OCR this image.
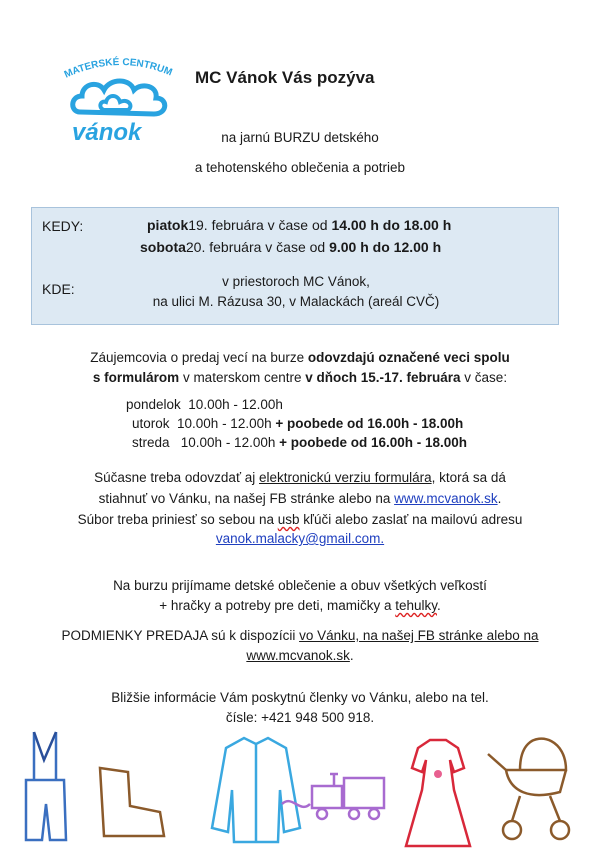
MATERSKÉ CENTRUM
vánok
MC Vánok Vás pozýva
na jarnú BURZU detského
a tehotenského oblečenia a potrieb
KEDY:	piatok19. februára v čase od 14.00 h do 18.00 h
sobota20. februára v čase od 9.00 h do 12.00 h
KDE:	v priestoroch MC Vánok,
na ulici M. Rázusa 30, v Malackách (areál CVČ)
Záujemcovia o predaj vecí na burze odovzdajú označené veci spolu
s formulárom v materskom centre v dňoch 15.-17. februára v čase:
pondelok  10.00h - 12.00h
utorok  10.00h - 12.00h + poobede od 16.00h - 18.00h
streda   10.00h - 12.00h + poobede od 16.00h - 18.00h
Súčasne treba odovzdať aj elektronickú verziu formulára, ktorá sa dá
stiahnuť vo Vánku, na našej FB stránke alebo na www.mcvanok.sk.
Súbor treba priniesť so sebou na usb kľúči alebo zaslať na mailovú adresu
vanok.malacky@gmail.com.
Na burzu prijímame detské oblečenie a obuv všetkých veľkostí
+ hračky a potreby pre deti, mamičky a tehulky.
PODMIENKY PREDAJA sú k dispozícii vo Vánku, na našej FB stránke alebo na
www.mcvanok.sk.
Bližšie informácie Vám poskytnú členky vo Vánku, alebo na tel.
čísle: +421 948 500 918.
